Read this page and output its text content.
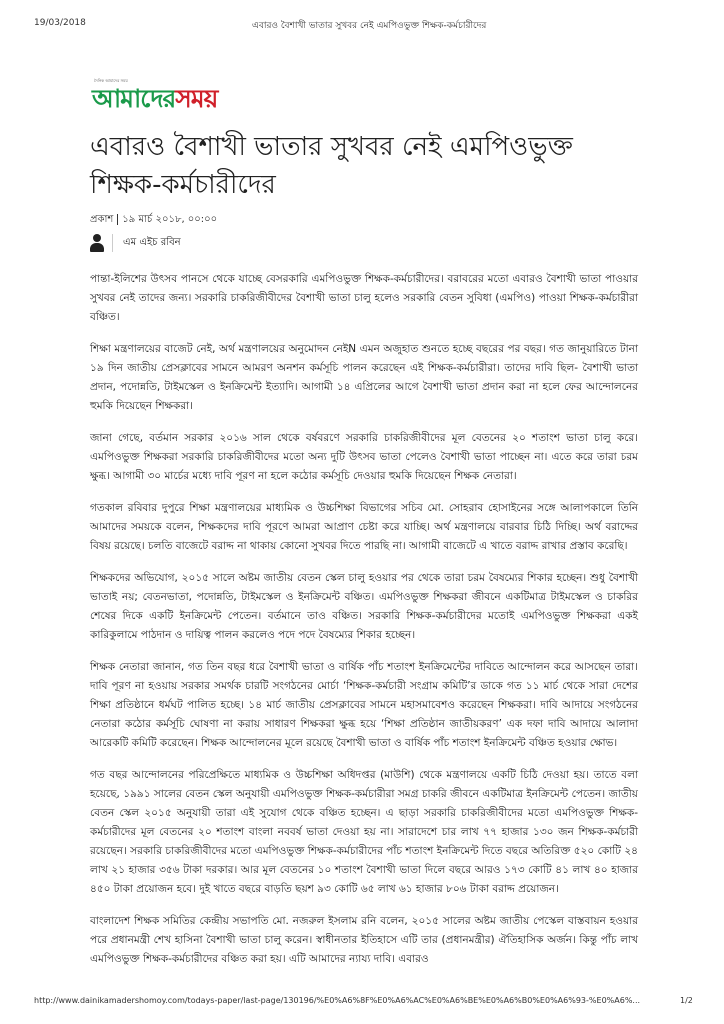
19/03/2018	এবারও বৈশাখী ভাতার সুখবর নেই এমপিওভুক্ত শিক্ষক-কর্মচারীদের
দৈনিক আমাদের সময়
আমাদেরসময়
এবারও বৈশাখী ভাতার সুখবর নেই এমপিওভুক্ত শিক্ষক-কর্মচারীদের
প্রকাশ ১৯ মার্চ ২০১৮, ০০:০০
এম এইচ রবিন

পান্তা-ইলিশের উৎসব পানসে থেকে যাচ্ছে বেসরকারি এমপিওভুক্ত শিক্ষক-কর্মচারীদের। বরাবরের মতো এবারও বৈশাখী ভাতা পাওয়ার সুখবর নেই তাদের জন্য। সরকারি চাকরিজীবীদের বৈশাখী ভাতা চালু হলেও সরকারি বেতন সুবিধা (এমপিও) পাওয়া শিক্ষক-কর্মচারীরা বঞ্চিত।

শিক্ষা মন্ত্রণালয়ের বাজেট নেই, অর্থ মন্ত্রণালয়ের অনুমোদন নেইN এমন অজুহাত শুনতে হচ্ছে বছরের পর বছর। গত জানুয়ারিতে টানা ১৯ দিন জাতীয় প্রেসক্লাবের সামনে আমরণ অনশন কর্মসূচি পালন করেছেন এই শিক্ষক-কর্মচারীরা। তাদের দাবি ছিল- বৈশাখী ভাতা প্রদান, পদোন্নতি, টাইমস্কেল ও ইনক্রিমেন্ট ইত্যাদি। আগামী ১৪ এপ্রিলের আগে বৈশাখী ভাতা প্রদান করা না হলে ফের আন্দোলনের হুমকি দিয়েছেন শিক্ষকরা।

জানা গেছে, বর্তমান সরকার ২০১৬ সাল থেকে বর্ষবরণে সরকারি চাকরিজীবীদের মূল বেতনের ২০ শতাংশ ভাতা চালু করে। এমপিওভুক্ত শিক্ষকরা সরকারি চাকরিজীবীদের মতো অন্য দুটি উৎসব ভাতা পেলেও বৈশাখী ভাতা পাচ্ছেন না। এতে করে তারা চরম ক্ষুব্ধ। আগামী ৩০ মার্চের মধ্যে দাবি পূরণ না হলে কঠোর কর্মসূচি দেওয়ার হুমকি দিয়েছেন শিক্ষক নেতারা।

গতকাল রবিবার দুপুরে শিক্ষা মন্ত্রণালয়ের মাধ্যমিক ও উচ্চশিক্ষা বিভাগের সচিব মো. সোহরাব হোসাইনের সঙ্গে আলাপকালে তিনি আমাদের সময়কে বলেন, শিক্ষকদের দাবি পূরণে আমরা আপ্রাণ চেষ্টা করে যাচ্ছি। অর্থ মন্ত্রণালয়ে বারবার চিঠি দিচ্ছি। অর্থ বরাদ্দের বিষয় রয়েছে। চলতি বাজেটে বরাদ্দ না থাকায় কোনো সুখবর দিতে পারছি না। আগামী বাজেটে এ খাতে বরাদ্দ রাখার প্রস্তাব করেছি।

শিক্ষকদের অভিযোগ, ২০১৫ সালে অষ্টম জাতীয় বেতন স্কেল চালু হওয়ার পর থেকে তারা চরম বৈষম্যের শিকার হচ্ছেন। শুধু বৈশাখী ভাতাই নয়; বেতনভাতা, পদোন্নতি, টাইমস্কেল ও ইনক্রিমেন্ট বঞ্চিত। এমপিওভুক্ত শিক্ষকরা জীবনে একটিমাত্র টাইমস্কেল ও চাকরির শেষের দিকে একটি ইনক্রিমেন্ট পেতেন। বর্তমানে তাও বঞ্চিত। সরকারি শিক্ষক-কর্মচারীদের মতোই এমপিওভুক্ত শিক্ষকরা একই কারিকুলামে পাঠদান ও দায়িত্ব পালন করলেও পদে পদে বৈষম্যের শিকার হচ্ছেন।

শিক্ষক নেতারা জানান, গত তিন বছর ধরে বৈশাখী ভাতা ও বার্ষিক পাঁচ শতাংশ ইনক্রিমেন্টের দাবিতে আন্দোলন করে আসছেন তারা। দাবি পূরণ না হওয়ায় সরকার সমর্থক চারটি সংগঠনের মোর্চা ‘শিক্ষক-কর্মচারী সংগ্রাম কমিটি’র ডাকে গত ১১ মার্চ থেকে সারা দেশের শিক্ষা প্রতিষ্ঠানে ধর্মঘট পালিত হচ্ছে। ১৪ মার্চ জাতীয় প্রেসক্লাবের সামনে মহাসমাবেশও করেছেন শিক্ষকরা। দাবি আদায়ে সংগঠনের নেতারা কঠোর কর্মসূচি ঘোষণা না করায় সাধারণ শিক্ষকরা ক্ষুব্ধ হয়ে ‘শিক্ষা প্রতিষ্ঠান জাতীয়করণ’ এক দফা দাবি আদায়ে আলাদা আরেকটি কমিটি করেছেন। শিক্ষক আন্দোলনের মূলে রয়েছে বৈশাখী ভাতা ও বার্ষিক পাঁচ শতাংশ ইনক্রিমেন্ট বঞ্চিত হওয়ার ক্ষোভ।

গত বছর আন্দোলনের পরিপ্রেক্ষিতে মাধ্যমিক ও উচ্চশিক্ষা অধিদপ্তর (মাউশি) থেকে মন্ত্রণালয়ে একটি চিঠি দেওয়া হয়। তাতে বলা হয়েছে, ১৯৯১ সালের বেতন স্কেল অনুযায়ী এমপিওভুক্ত শিক্ষক-কর্মচারীরা সমগ্র চাকরি জীবনে একটিমাত্র ইনক্রিমেন্ট পেতেন। জাতীয় বেতন স্কেল ২০১৫ অনুযায়ী তারা এই সুযোগ থেকে বঞ্চিত হচ্ছেন। এ ছাড়া সরকারি চাকরিজীবীদের মতো এমপিওভুক্ত শিক্ষক-কর্মচারীদের মূল বেতনের ২০ শতাংশ বাংলা নববর্ষ ভাতা দেওয়া হয় না। সারাদেশে চার লাখ ৭৭ হাজার ১৩০ জন শিক্ষক-কর্মচারী রয়েছেন। সরকারি চাকরিজীবীদের মতো এমপিওভুক্ত শিক্ষক-কর্মচারীদের পাঁচ শতাংশ ইনক্রিমেন্ট দিতে বছরে অতিরিক্ত ৫২০ কোটি ২৪ লাখ ২১ হাজার ৩৫৬ টাকা দরকার। আর মূল বেতনের ১০ শতাংশ বৈশাখী ভাতা দিলে বছরে আরও ১৭৩ কোটি ৪১ লাখ ৪০ হাজার ৪৫০ টাকা প্রয়োজন হবে। দুই খাতে বছরে বাড়তি ছয়শ ৯৩ কোটি ৬৫ লাখ ৬১ হাজার ৮০৬ টাকা বরাদ্দ প্রয়োজন।

বাংলাদেশ শিক্ষক সমিতির কেন্দ্রীয় সভাপতি মো. নজরুল ইসলাম রনি বলেন, ২০১৫ সালের অষ্টম জাতীয় পেস্কেল বাস্তবায়ন হওয়ার পরে প্রধানমন্ত্রী শেখ হাসিনা বৈশাখী ভাতা চালু করেন। স্বাধীনতার ইতিহাসে এটি তার (প্রধানমন্ত্রীর) ঐতিহাসিক অর্জন। কিন্তু পাঁচ লাখ এমপিওভুক্ত শিক্ষক-কর্মচারীদের বঞ্চিত করা হয়। এটি আমাদের ন্যায্য দাবি। এবারও

http://www.dainikamadershomoy.com/todays-paper/last-page/130196/%E0%A6%8F%E0%A6%AC%E0%A6%BE%E0%A6%B0%E0%A6%93-%E0%A6%...	1/2
